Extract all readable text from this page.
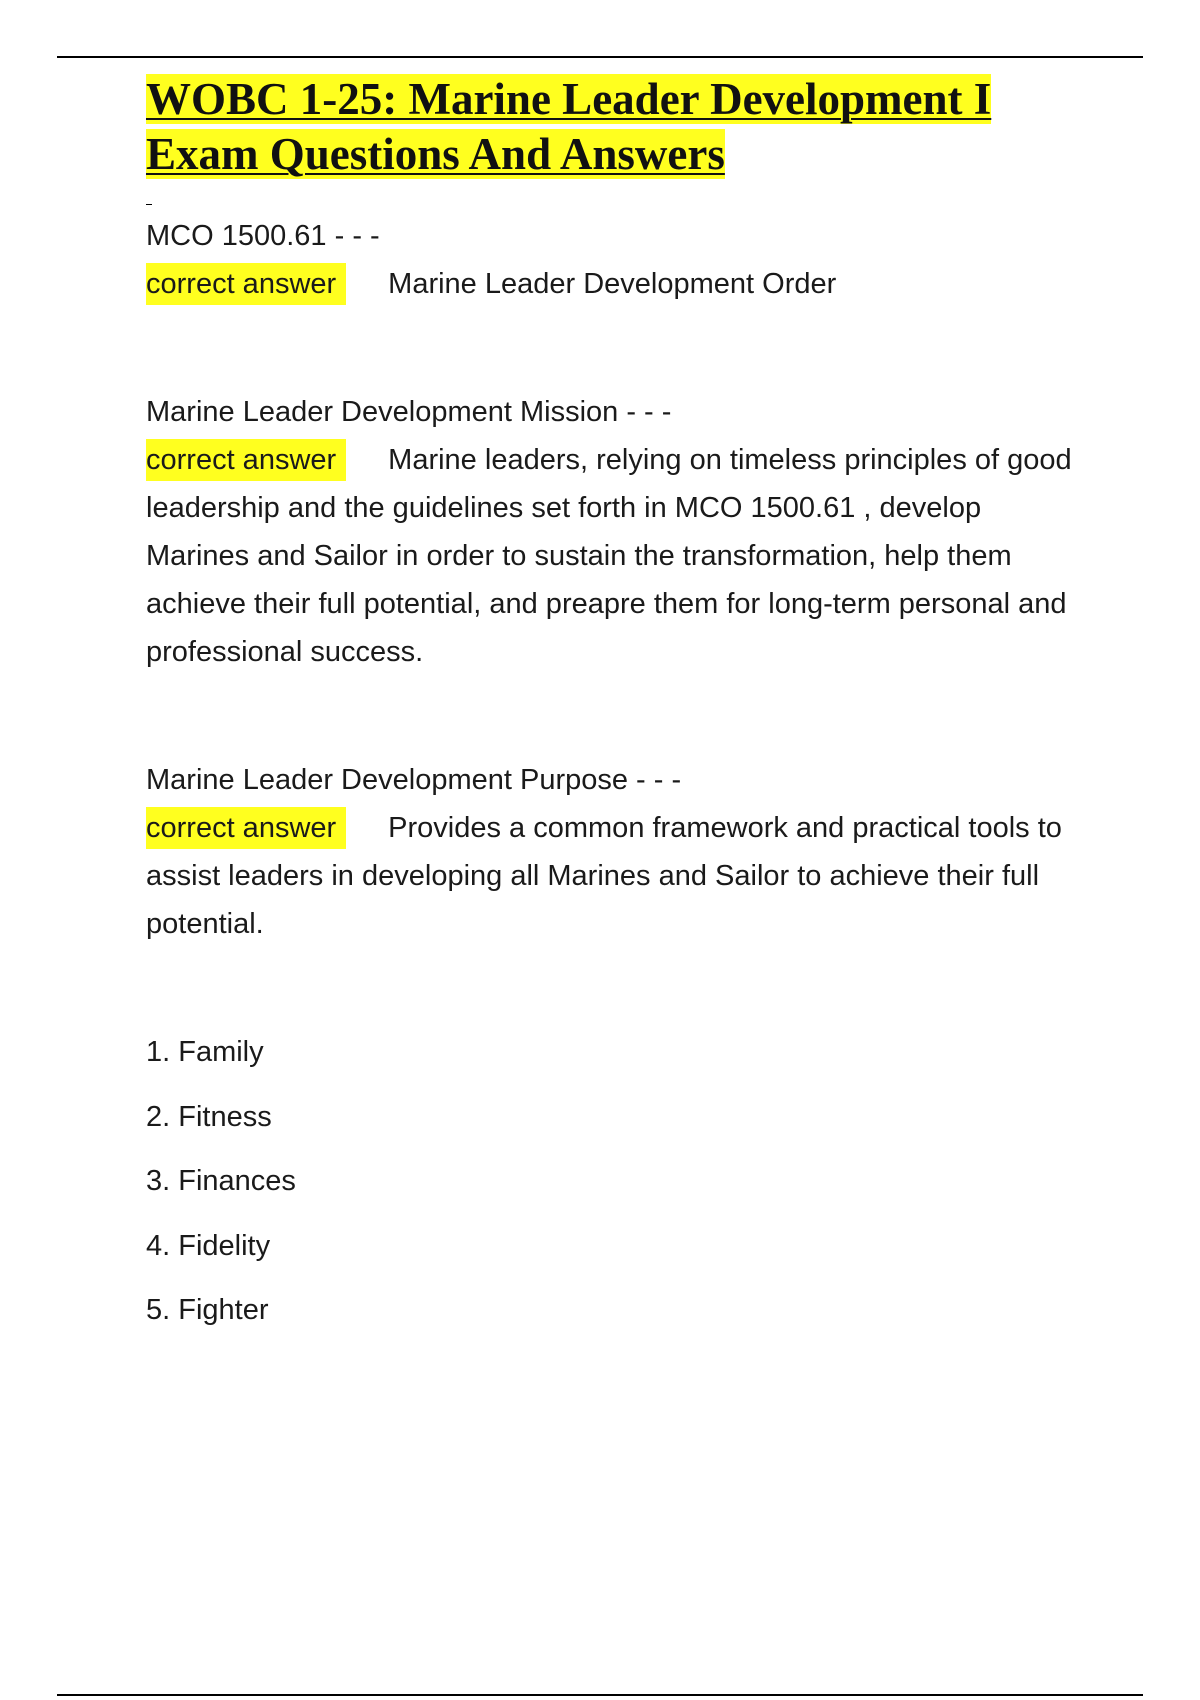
WOBC 1-25: Marine Leader Development I Exam Questions And Answers

MCO 1500.61 - - -

correct answer Marine Leader Development Order

Marine Leader Development Mission - - -

correct answer Marine leaders, relying on timeless principles of good leadership and the guidelines set forth in MCO 1500.61 , develop Marines and Sailor in order to sustain the transformation, help them achieve their full potential, and preapre them for long-term personal and professional success.

Marine Leader Development Purpose - - -

correct answer Provides a common framework and practical tools to assist leaders in developing all Marines and Sailor to achieve their full potential.

1. Family
2. Fitness
3. Finances
4. Fidelity
5. Fighter
